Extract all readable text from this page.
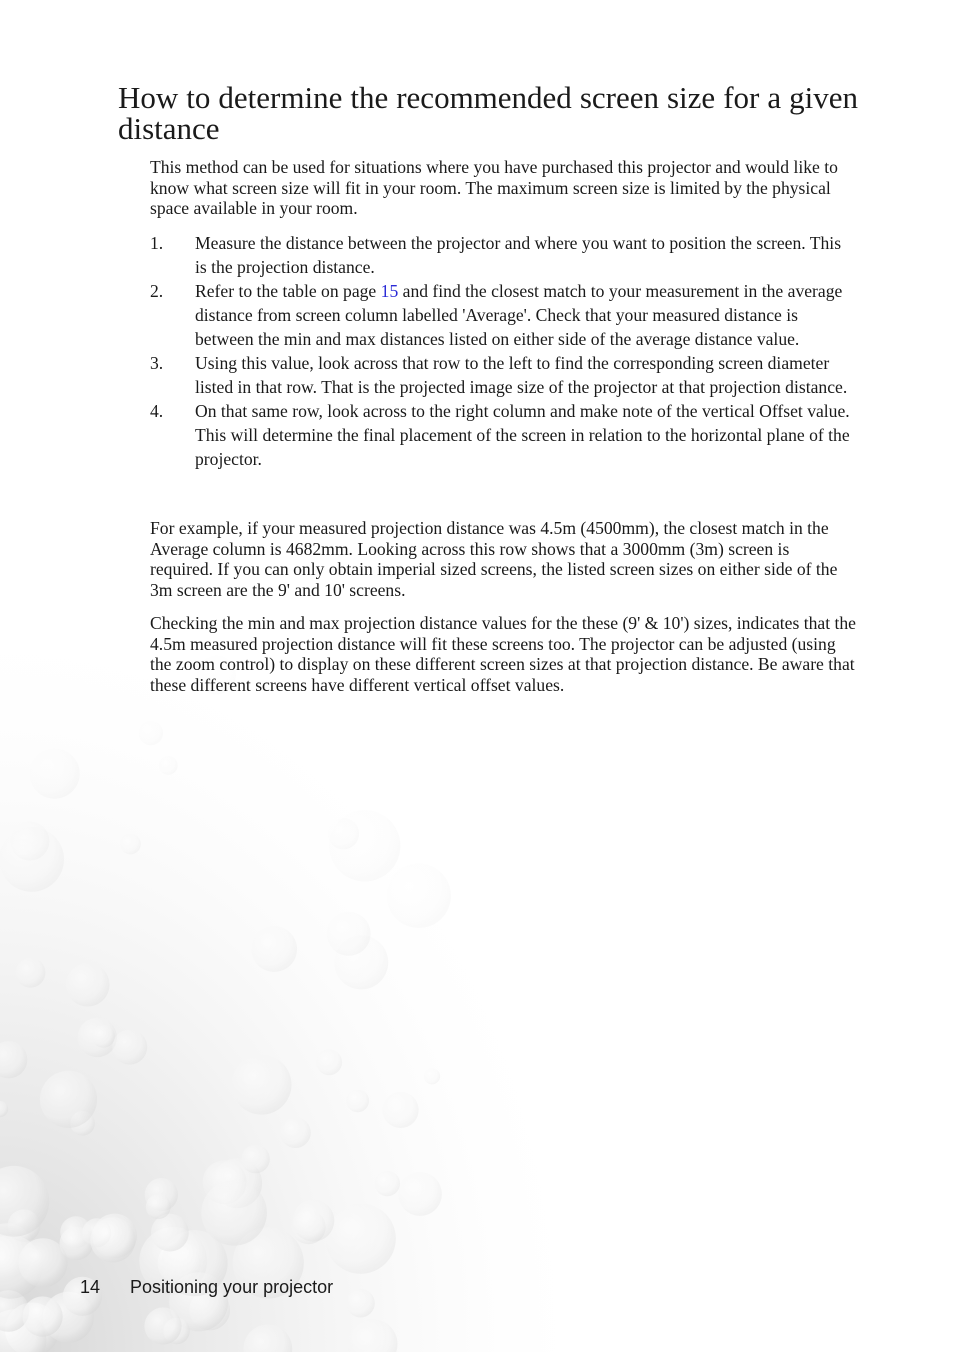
How to determine the recommended screen size for a given distance

This method can be used for situations where you have purchased this projector and would like to know what screen size will fit in your room. The maximum screen size is limited by the physical space available in your room.

1. Measure the distance between the projector and where you want to position the screen. This is the projection distance.
2. Refer to the table on page 15 and find the closest match to your measurement in the average distance from screen column labelled 'Average'. Check that your measured distance is between the min and max distances listed on either side of the average distance value.
3. Using this value, look across that row to the left to find the corresponding screen diameter listed in that row. That is the projected image size of the projector at that projection distance.
4. On that same row, look across to the right column and make note of the vertical Offset value. This will determine the final placement of the screen in relation to the horizontal plane of the projector.

For example, if your measured projection distance was 4.5m (4500mm), the closest match in the Average column is 4682mm. Looking across this row shows that a 3000mm (3m) screen is required. If you can only obtain imperial sized screens, the listed screen sizes on either side of the 3m screen are the 9' and 10' screens.

Checking the min and max projection distance values for the these (9' & 10') sizes, indicates that the 4.5m measured projection distance will fit these screens too. The projector can be adjusted (using the zoom control) to display on these different screen sizes at that projection distance. Be aware that these different screens have different vertical offset values.

14 Positioning your projector
